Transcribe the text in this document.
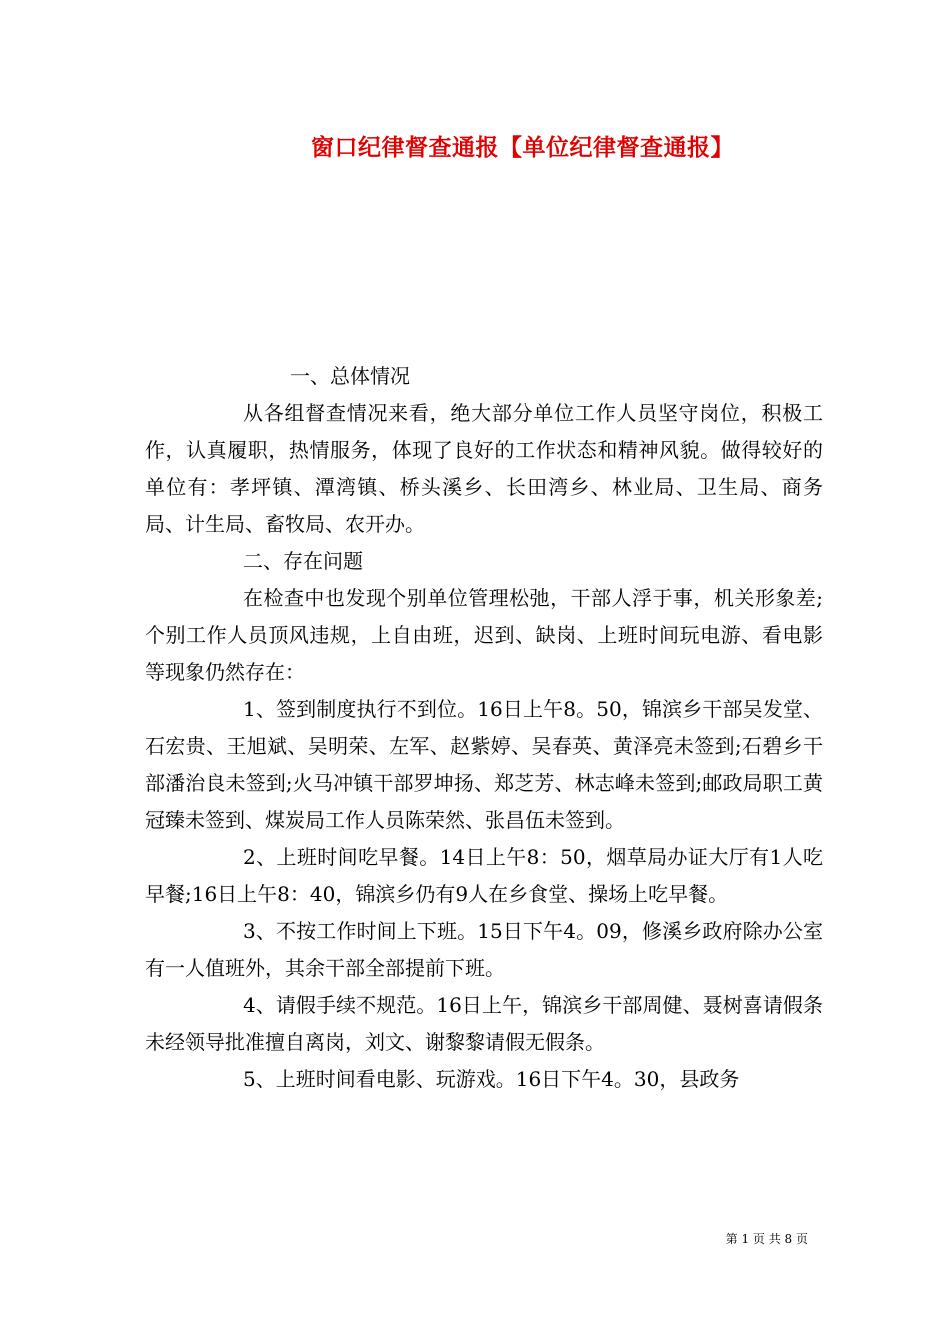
窗口纪律督查通报【单位纪律督查通报】

一、总体情况

从各组督查情况来看，绝大部分单位工作人员坚守岗位，积极工作，认真履职，热情服务，体现了良好的工作状态和精神风貌。做得较好的单位有：孝坪镇、潭湾镇、桥头溪乡、长田湾乡、林业局、卫生局、商务局、计生局、畜牧局、农开办。

二、存在问题

在检查中也发现个别单位管理松弛，干部人浮于事，机关形象差;个别工作人员顶风违规，上自由班，迟到、缺岗、上班时间玩电游、看电影等现象仍然存在：

1、签到制度执行不到位。16日上午8。50，锦滨乡干部吴发堂、石宏贵、王旭斌、吴明荣、左军、赵紫婷、吴春英、黄泽亮未签到;石碧乡干部潘治良未签到;火马冲镇干部罗坤扬、郑芝芳、林志峰未签到;邮政局职工黄冠臻未签到、煤炭局工作人员陈荣然、张昌伍未签到。

2、上班时间吃早餐。14日上午8：50，烟草局办证大厅有1人吃早餐;16日上午8：40，锦滨乡仍有9人在乡食堂、操场上吃早餐。

3、不按工作时间上下班。15日下午4。09，修溪乡政府除办公室有一人值班外，其余干部全部提前下班。

4、请假手续不规范。16日上午，锦滨乡干部周健、聂树喜请假条未经领导批准擅自离岗，刘文、谢黎黎请假无假条。

5、上班时间看电影、玩游戏。16日下午4。30，县政务

第 1 页 共 8 页
